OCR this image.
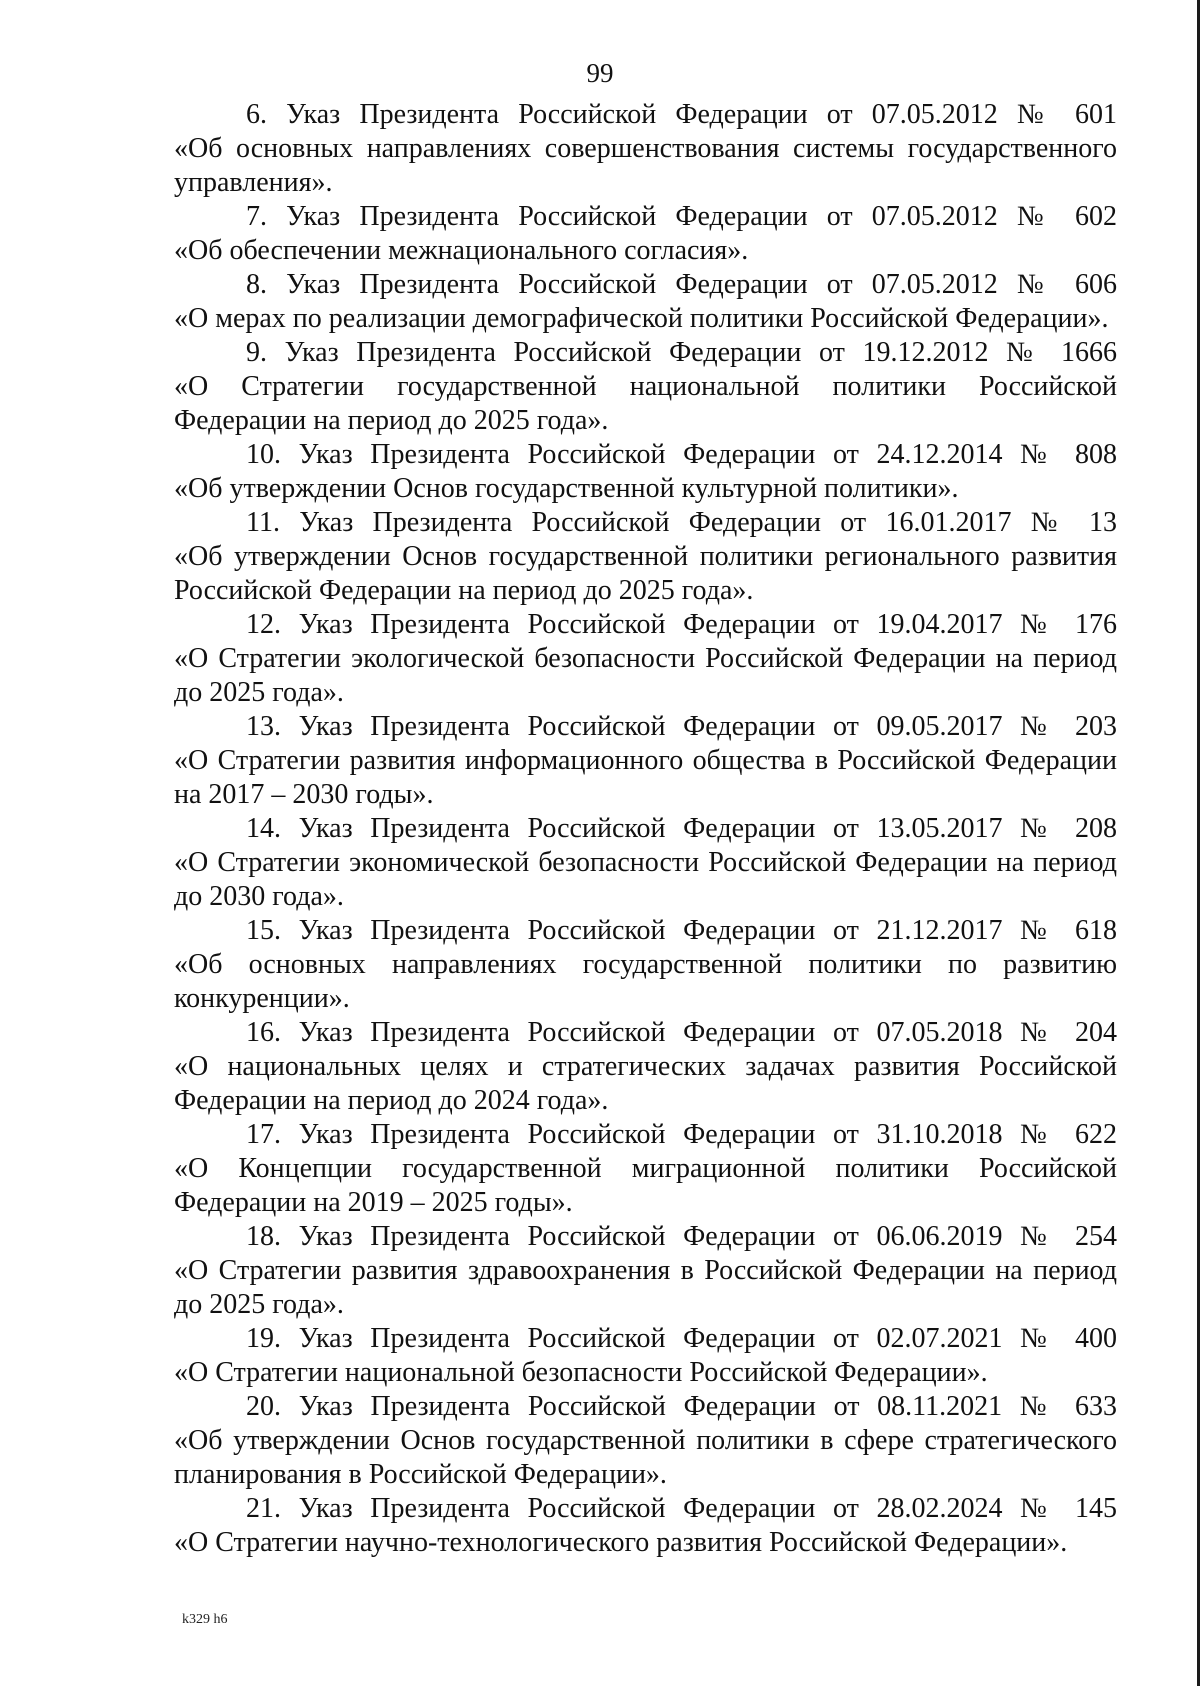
99

6. Указ Президента Российской Федерации от 07.05.2012 № 601
«Об основных направлениях совершенствования системы государственного управления».

7. Указ Президента Российской Федерации от 07.05.2012 № 602
«Об обеспечении межнационального согласия».

8. Указ Президента Российской Федерации от 07.05.2012 № 606
«О мерах по реализации демографической политики Российской Федерации».

9. Указ Президента Российской Федерации от 19.12.2012 № 1666
«О Стратегии государственной национальной политики Российской Федерации на период до 2025 года».

10. Указ Президента Российской Федерации от 24.12.2014 № 808
«Об утверждении Основ государственной культурной политики».

11. Указ Президента Российской Федерации от 16.01.2017 № 13
«Об утверждении Основ государственной политики регионального развития Российской Федерации на период до 2025 года».

12. Указ Президента Российской Федерации от 19.04.2017 № 176
«О Стратегии экологической безопасности Российской Федерации на период до 2025 года».

13. Указ Президента Российской Федерации от 09.05.2017 № 203
«О Стратегии развития информационного общества в Российской Федерации на 2017 – 2030 годы».

14. Указ Президента Российской Федерации от 13.05.2017 № 208
«О Стратегии экономической безопасности Российской Федерации на период до 2030 года».

15. Указ Президента Российской Федерации от 21.12.2017 № 618
«Об основных направлениях государственной политики по развитию конкуренции».

16. Указ Президента Российской Федерации от 07.05.2018 № 204
«О национальных целях и стратегических задачах развития Российской Федерации на период до 2024 года».

17. Указ Президента Российской Федерации от 31.10.2018 № 622
«О Концепции государственной миграционной политики Российской Федерации на 2019 – 2025 годы».

18. Указ Президента Российской Федерации от 06.06.2019 № 254
«О Стратегии развития здравоохранения в Российской Федерации на период до 2025 года».

19. Указ Президента Российской Федерации от 02.07.2021 № 400
«О Стратегии национальной безопасности Российской Федерации».

20. Указ Президента Российской Федерации от 08.11.2021 № 633
«Об утверждении Основ государственной политики в сфере стратегического планирования в Российской Федерации».

21. Указ Президента Российской Федерации от 28.02.2024 № 145
«О Стратегии научно-технологического развития Российской Федерации».

k329 h6
